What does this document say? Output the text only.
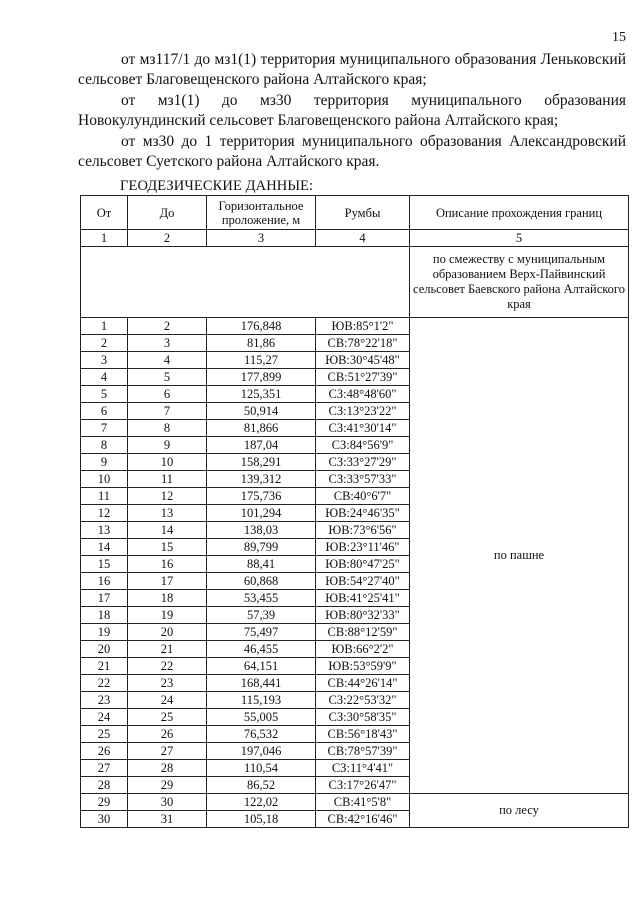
15

от мз117/1 до мз1(1) территория муниципального образования Леньковский сельсовет Благовещенского района Алтайского края;

от мз1(1) до мз30 территория муниципального образования Новокулундинский сельсовет Благовещенского района Алтайского края;

от мз30 до 1 территория муниципального образования Александровский сельсовет Суетского района Алтайского края.

ГЕОДЕЗИЧЕСКИЕ ДАННЫЕ:
От	До	Горизонтальное проложение, м	Румбы	Описание прохождения границ
1	2	3	4	5
				по смежеству с муниципальным образованием Верх-Пайвинский сельсовет Баевского района Алтайского края
1	2	176,848	ЮВ:85°1'2"	по пашне
2	3	81,86	СВ:78°22'18"	
3	4	115,27	ЮВ:30°45'48"	
4	5	177,899	СВ:51°27'39"	
5	6	125,351	СЗ:48°48'60"	
6	7	50,914	СЗ:13°23'22"	
7	8	81,866	СЗ:41°30'14"	
8	9	187,04	СЗ:84°56'9"	
9	10	158,291	СЗ:33°27'29"	
10	11	139,312	СЗ:33°57'33"	
11	12	175,736	СВ:40°6'7"	
12	13	101,294	ЮВ:24°46'35"	
13	14	138,03	ЮВ:73°6'56"	
14	15	89,799	ЮВ:23°11'46"	
15	16	88,41	ЮВ:80°47'25"	
16	17	60,868	ЮВ:54°27'40"	
17	18	53,455	ЮВ:41°25'41"	
18	19	57,39	ЮВ:80°32'33"	
19	20	75,497	СВ:88°12'59"	
20	21	46,455	ЮВ:66°2'2"	
21	22	64,151	ЮВ:53°59'9"	
22	23	168,441	СВ:44°26'14"	
23	24	115,193	СЗ:22°53'32"	
24	25	55,005	СЗ:30°58'35"	
25	26	76,532	СВ:56°18'43"	
26	27	197,046	СВ:78°57'39"	
27	28	110,54	СЗ:11°4'41"	
28	29	86,52	СЗ:17°26'47"	
29	30	122,02	СВ:41°5'8"	по лесу
30	31	105,18	СВ:42°16'46"	
